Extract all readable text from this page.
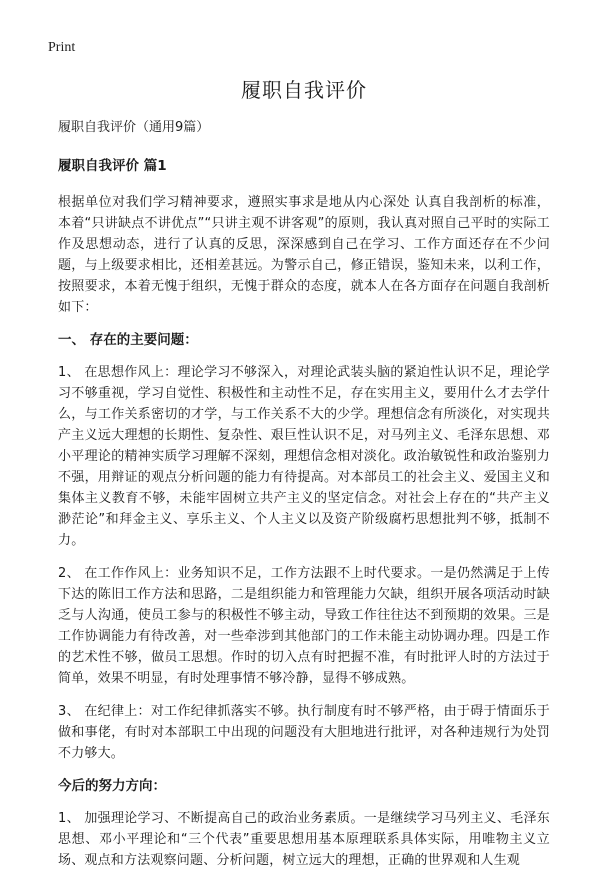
Print
履职自我评价

履职自我评价（通用9篇）

履职自我评价 篇1

根据单位对我们学习精神要求，遵照实事求是地从内心深处 认真自我剖析的标准，本着“只讲缺点不讲优点”“只讲主观不讲客观”的原则，我认真对照自己平时的实际工作及思想动态，进行了认真的反思，深深感到自己在学习、工作方面还存在不少问题，与上级要求相比，还相差甚远。为警示自己，修正错误，鉴知未来，以利工作，按照要求，本着无愧于组织，无愧于群众的态度，就本人在各方面存在问题自我剖析如下：

一、 存在的主要问题：

1、 在思想作风上：理论学习不够深入，对理论武装头脑的紧迫性认识不足，理论学习不够重视，学习自觉性、积极性和主动性不足，存在实用主义，要用什么才去学什么，与工作关系密切的才学，与工作关系不大的少学。理想信念有所淡化，对实现共产主义远大理想的长期性、复杂性、艰巨性认识不足，对马列主义、毛泽东思想、邓小平理论的精神实质学习理解不深刻，理想信念相对淡化。政治敏锐性和政治鉴别力不强，用辩证的观点分析问题的能力有待提高。对本部员工的社会主义、爱国主义和集体主义教育不够，未能牢固树立共产主义的坚定信念。对社会上存在的“共产主义渺茫论”和拜金主义、享乐主义、个人主义以及资产阶级腐朽思想批判不够，抵制不力。

2、 在工作作风上：业务知识不足，工作方法跟不上时代要求。一是仍然满足于上传下达的陈旧工作方法和思路，二是组织能力和管理能力欠缺，组织开展各项活动时缺乏与人沟通，使员工参与的积极性不够主动，导致工作往往达不到预期的效果。三是工作协调能力有待改善，对一些牵涉到其他部门的工作未能主动协调办理。四是工作的艺术性不够，做员工思想。作时的切入点有时把握不准，有时批评人时的方法过于简单，效果不明显，有时处理事情不够冷静，显得不够成熟。

3、 在纪律上：对工作纪律抓落实不够。执行制度有时不够严格，由于碍于情面乐于做和事佬，有时对本部职工中出现的问题没有大胆地进行批评，对各种违规行为处罚不力够大。

今后的努力方向：

1、 加强理论学习、不断提高自己的政治业务素质。一是继续学习马列主义、毛泽东思想、邓小平理论和“三个代表”重要思想用基本原理联系具体实际，用唯物主义立场、观点和方法观察问题、分析问题，树立远大的理想，正确的世界观和人生观
